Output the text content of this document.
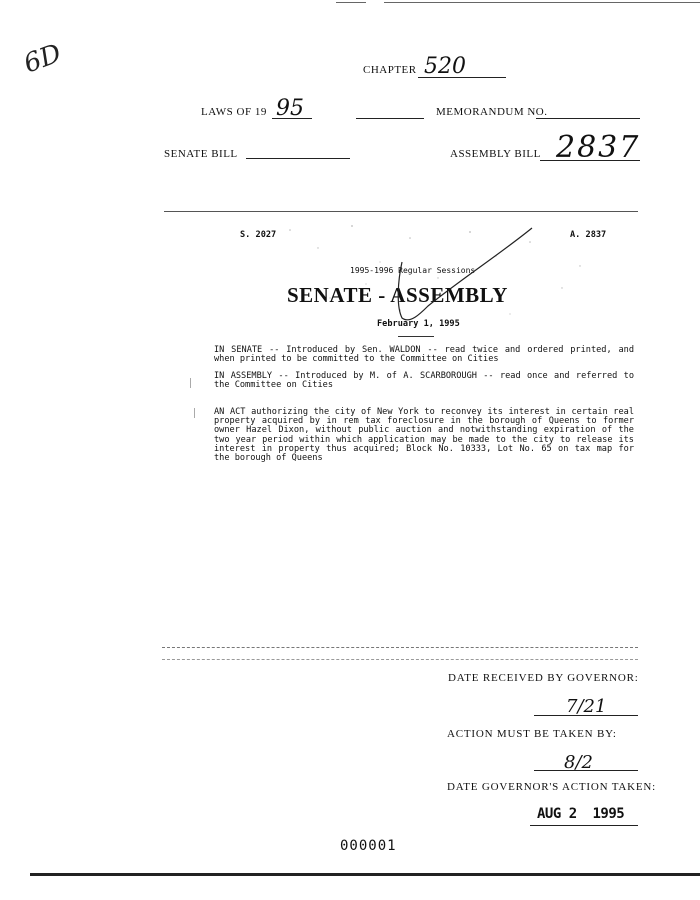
6D	CHAPTER 520
LAWS OF 19 95	MEMORANDUM NO.
SENATE BILL	ASSEMBLY BILL 2837
S. 2027	A. 2837
1995-1996 Regular Sessions
SENATE - ASSEMBLY
February 1, 1995
IN SENATE -- Introduced by Sen. WALDON -- read twice and ordered printed, and when printed to be committed to the Committee on Cities
IN ASSEMBLY -- Introduced by M. of A. SCARBOROUGH -- read once and referred to the Committee on Cities
AN ACT authorizing the city of New York to reconvey its interest in certain real property acquired by in rem tax foreclosure in the borough of Queens to former owner Hazel Dixon, without public auction and notwithstanding expiration of the two year period within which application may be made to the city to release its interest in property thus acquired; Block No. 10333, Lot No. 65 on tax map for the borough of Queens
DATE RECEIVED BY GOVERNOR:
7/21
ACTION MUST BE TAKEN BY:
8/2
DATE GOVERNOR'S ACTION TAKEN:
AUG 2  1995
000001
